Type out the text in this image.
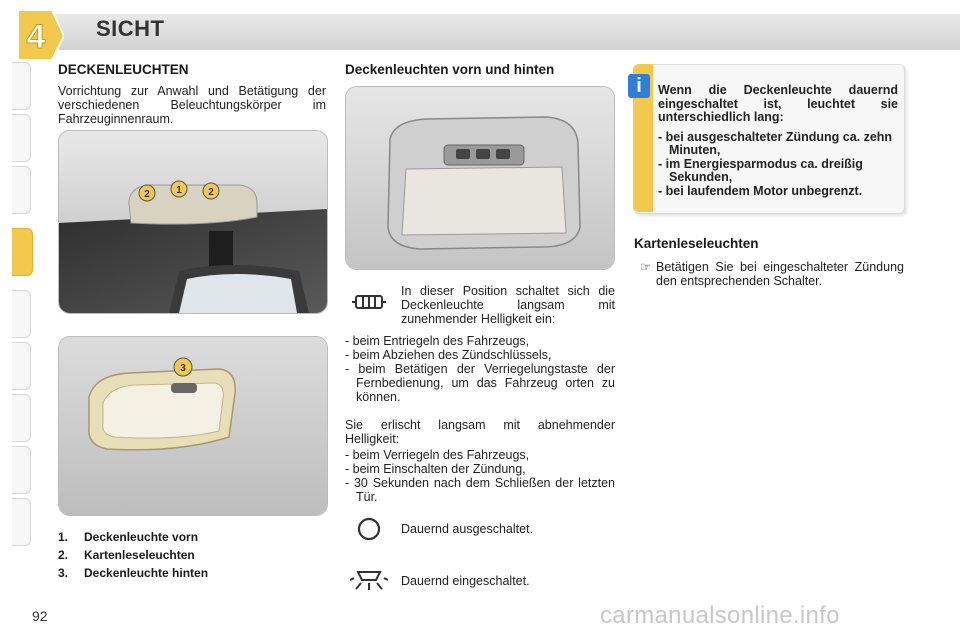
4 SICHT
DECKENLEUCHTEN
Vorrichtung zur Anwahl und Betätigung der verschiedenen Beleuchtungskörper im Fahrzeuginnenraum.
2	1	2
3
1. Deckenleuchte vorn
2. Kartenleseleuchten
3. Deckenleuchte hinten
Deckenleuchten vorn und hinten
In dieser Position schaltet sich die Deckenleuchte langsam mit zunehmender Helligkeit ein:
- beim Entriegeln des Fahrzeugs,
- beim Abziehen des Zündschlüssels,
- beim Betätigen der Verriegelungstaste der Fernbedienung, um das Fahrzeug orten zu können.
Sie erlischt langsam mit abnehmender Helligkeit:
- beim Verriegeln des Fahrzeugs,
- beim Einschalten der Zündung,
- 30 Sekunden nach dem Schließen der letzten Tür.
Dauernd ausgeschaltet.
Dauernd eingeschaltet.
i	Wenn die Deckenleuchte dauernd eingeschaltet ist, leuchtet sie unterschiedlich lang:
- bei ausgeschalteter Zündung ca. zehn Minuten,
- im Energiesparmodus ca. dreißig Sekunden,
- bei laufendem Motor unbegrenzt.
Kartenleseleuchten
☞ Betätigen Sie bei eingeschalteter Zündung den entsprechenden Schalter.
92	carmanualsonline.info
